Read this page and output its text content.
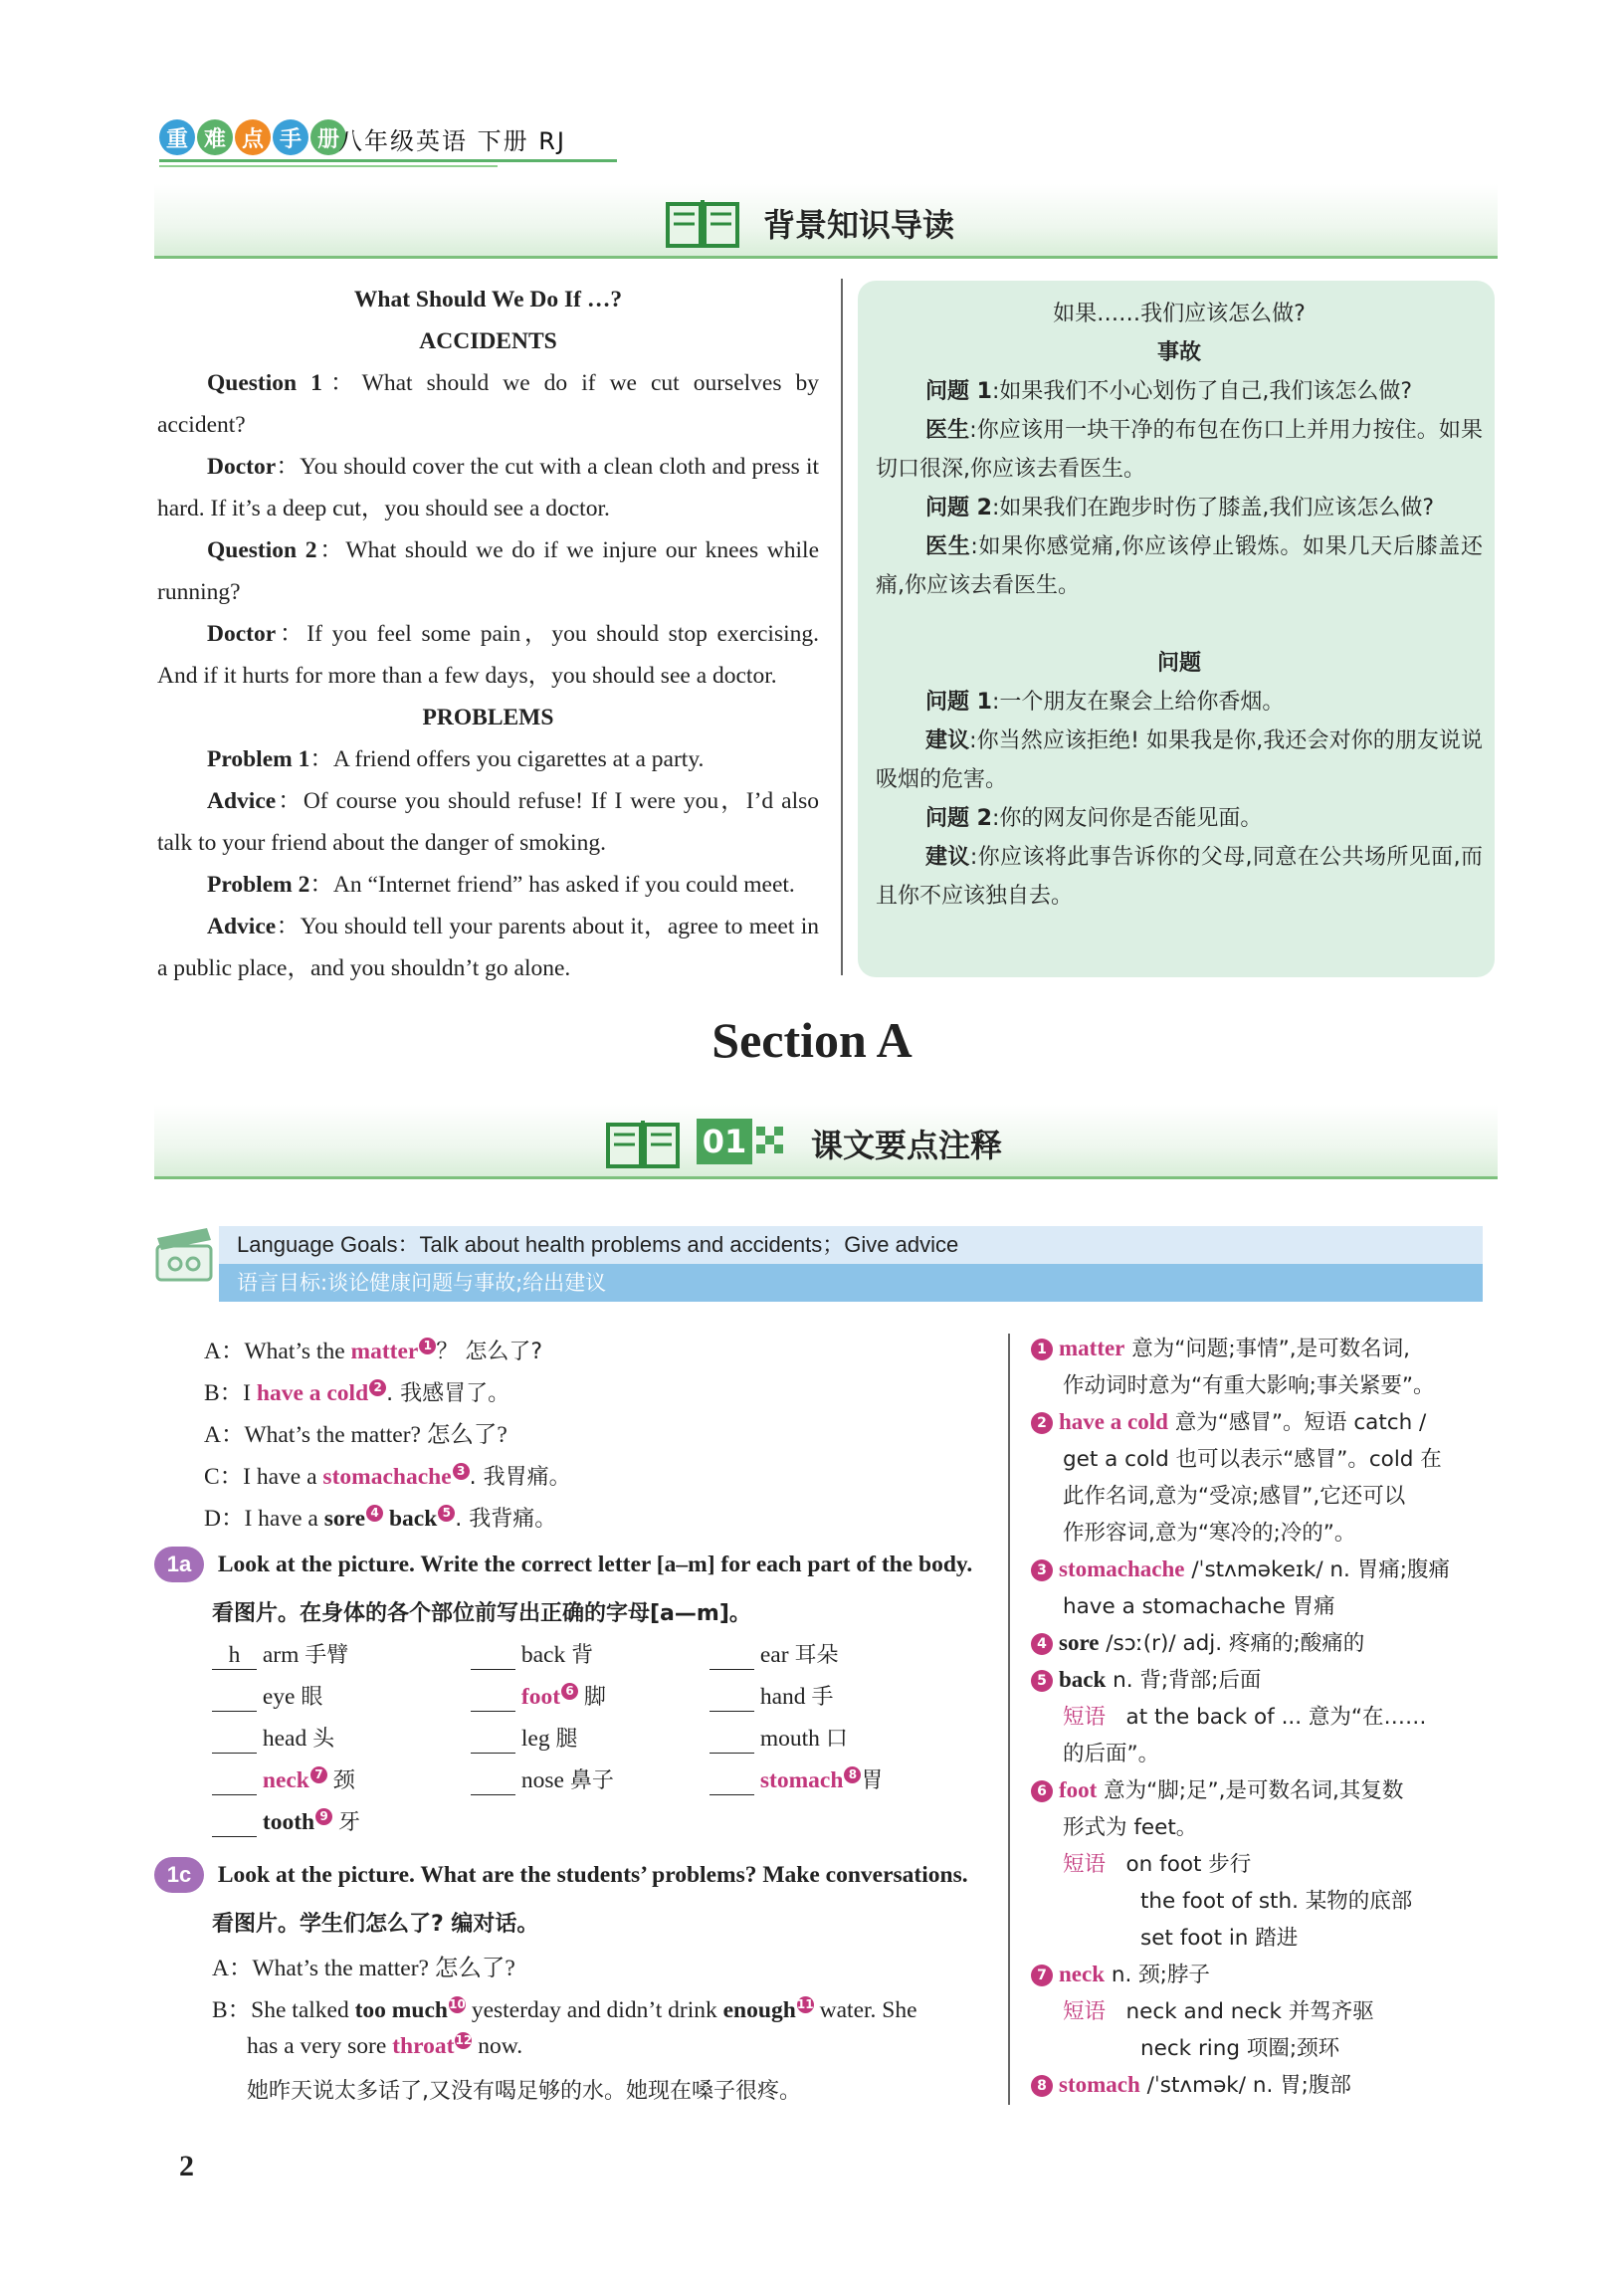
重 难 点 手 册 八年级英语 下册 RJ
背景知识导读

What Should We Do If …?

ACCIDENTS

Question 1：What should we do if we cut ourselves by accident?

Doctor：You should cover the cut with a clean cloth and press it hard. If it’s a deep cut，you should see a doctor.

Question 2：What should we do if we injure our knees while running?

Doctor：If you feel some pain，you should stop exercising. And if it hurts for more than a few days，you should see a doctor.

PROBLEMS

Problem 1：A friend offers you cigarettes at a party.

Advice：Of course you should refuse! If I were you，I’d also talk to your friend about the danger of smoking.

Problem 2：An “Internet friend” has asked if you could meet.

Advice：You should tell your parents about it，agree to meet in a public place，and you shouldn’t go alone.

如果……我们应该怎么做?

事故

问题 1:如果我们不小心划伤了自己,我们该怎么做?

医生:你应该用一块干净的布包在伤口上并用力按住。如果切口很深,你应该去看医生。

问题 2:如果我们在跑步时伤了膝盖,我们应该怎么做?

医生:如果你感觉痛,你应该停止锻炼。如果几天后膝盖还痛,你应该去看医生。

问题

问题 1:一个朋友在聚会上给你香烟。

建议:你当然应该拒绝! 如果我是你,我还会对你的朋友说说吸烟的危害。

问题 2:你的网友问你是否能见面。

建议:你应该将此事告诉你的父母,同意在公共场所见面,而且你不应该独自去。

Section A
01 课文要点注释
Language Goals：Talk about health problems and accidents；Give advice
语言目标:谈论健康问题与事故;给出建议
A：What’s the matter 1 ？ 怎么了?
B：I have a cold 2 . 我感冒了。
A：What’s the matter? 怎么了?
C：I have a stomachache 3 . 我胃痛。
D：I have a sore 4 back 5 . 我背痛。
1a Look at the picture. Write the correct letter [a–m] for each part of the body.
看图片。在身体的各个部位前写出正确的字母[a—m]。
h arm 手臂	back 背	ear 耳朵
eye 眼	foot 6 脚	hand 手
head 头	leg 腿	mouth 口
neck 7 颈	nose 鼻子	stomach 8 胃
tooth 9 牙
1c Look at the picture. What are the students’ problems? Make conversations.
看图片。学生们怎么了? 编对话。
A：What’s the matter? 怎么了?
B：She talked too much10 yesterday and didn’t drink enough11 water. She
has a very sore throat12 now.
她昨天说太多话了,又没有喝足够的水。她现在嗓子很疼。
1 matter 意为“问题;事情”,是可数名词,
作动词时意为“有重大影响;事关紧要”。
2 have a cold 意为“感冒”。短语 catch /
get a cold 也可以表示“感冒”。cold 在
此作名词,意为“受凉;感冒”,它还可以
作形容词,意为“寒冷的;冷的”。
3 stomachache /ˈstʌməkeɪk/ n. 胃痛;腹痛
have a stomachache 胃痛
4 sore /sɔː(r)/ adj. 疼痛的;酸痛的
5 back n. 背;背部;后面
短语 at the back of ... 意为“在……
的后面”。
6 foot 意为“脚;足”,是可数名词,其复数
形式为 feet。
短语 on foot 步行
the foot of sth. 某物的底部
set foot in 踏进
7 neck n. 颈;脖子
短语 neck and neck 并驾齐驱
neck ring 项圈;颈环
8 stomach /ˈstʌmək/ n. 胃;腹部
2
